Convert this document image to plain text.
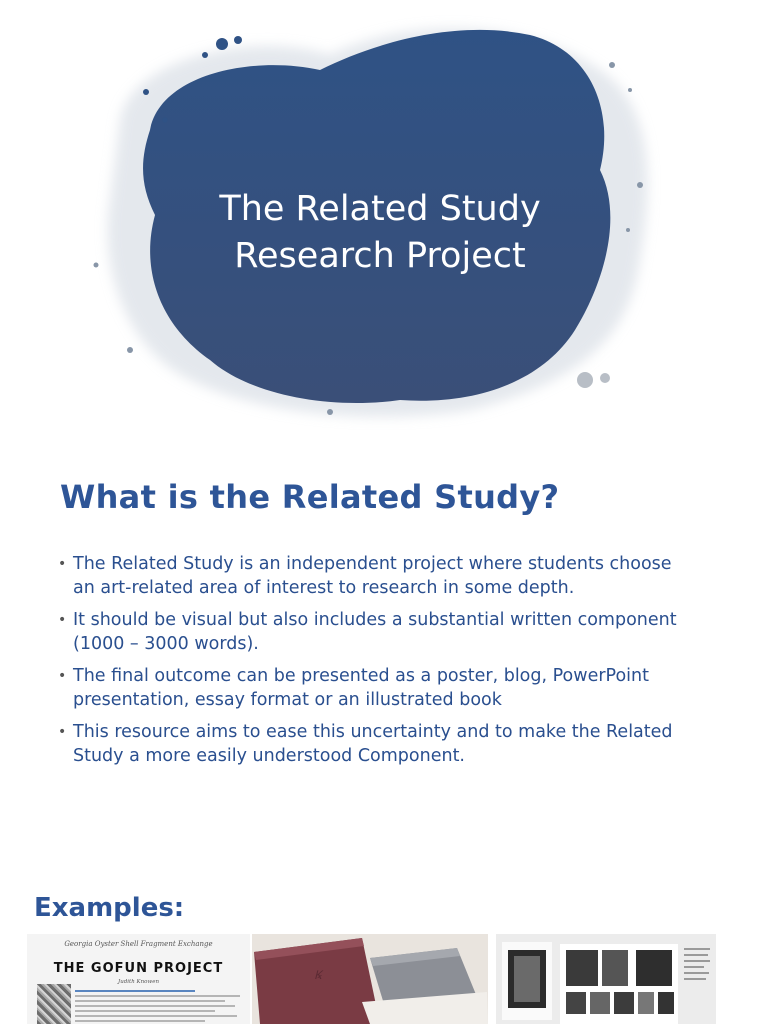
The Related Study
Research Project
What is the Related Study?
• The Related Study is an independent project where students choose
an art-related area of interest to research in some depth.
• It should be visual but also includes a substantial written component
(1000 – 3000 words).
• The final outcome can be presented as a poster, blog, PowerPoint
presentation, essay format or an illustrated book
• This resource aims to ease this uncertainty and to make the Related
Study a more easily understood Component.
Examples:
Georgia Oyster Shell Fragment Exchange
THE GOFUN PROJECT
Judith Knowen	Ꝃ
